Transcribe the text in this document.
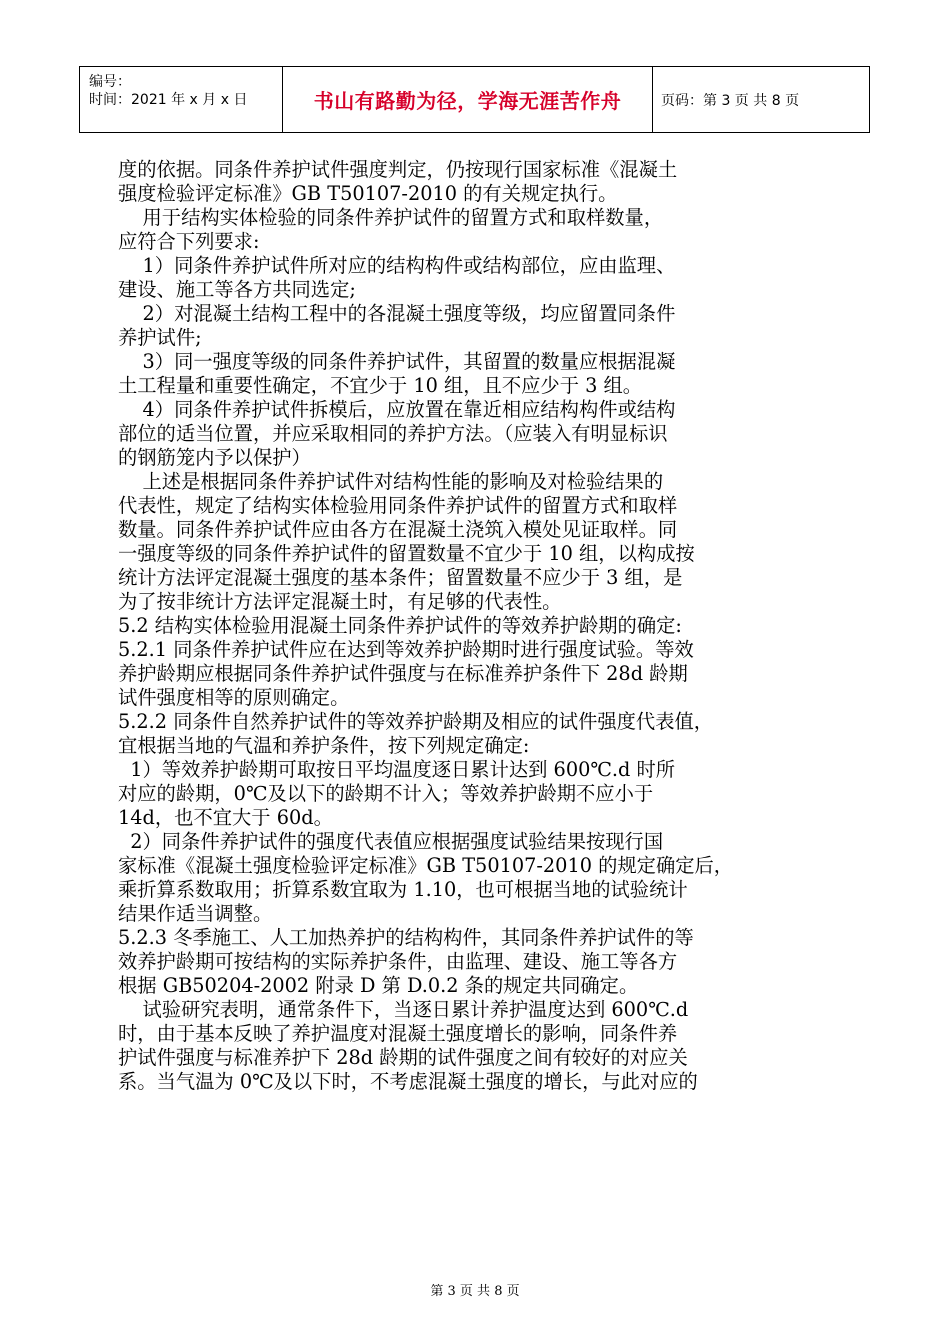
编号：
时间：2021 年 x 月 x 日	书山有路勤为径，学海无涯苦作舟	页码：第 3 页 共 8 页
度的依据。同条件养护试件强度判定，仍按现行国家标准《混凝土
强度检验评定标准》GB T50107-2010 的有关规定执行。
用于结构实体检验的同条件养护试件的留置方式和取样数量，
应符合下列要求:
1）同条件养护试件所对应的结构构件或结构部位，应由监理、
建设、施工等各方共同选定;
2）对混凝土结构工程中的各混凝土强度等级，均应留置同条件
养护试件;
3）同一强度等级的同条件养护试件，其留置的数量应根据混凝
土工程量和重要性确定，不宜少于 10 组，且不应少于 3 组。
4）同条件养护试件拆模后，应放置在靠近相应结构构件或结构
部位的适当位置，并应采取相同的养护方法。（应装入有明显标识
的钢筋笼内予以保护）
上述是根据同条件养护试件对结构性能的影响及对检验结果的
代表性，规定了结构实体检验用同条件养护试件的留置方式和取样
数量。同条件养护试件应由各方在混凝土浇筑入模处见证取样。同
一强度等级的同条件养护试件的留置数量不宜少于 10 组，以构成按
统计方法评定混凝土强度的基本条件；留置数量不应少于 3 组，是
为了按非统计方法评定混凝土时，有足够的代表性。
5.2 结构实体检验用混凝土同条件养护试件的等效养护龄期的确定:
5.2.1 同条件养护试件应在达到等效养护龄期时进行强度试验。等效
养护龄期应根据同条件养护试件强度与在标准养护条件下 28d 龄期
试件强度相等的原则确定。
5.2.2 同条件自然养护试件的等效养护龄期及相应的试件强度代表值，
宜根据当地的气温和养护条件，按下列规定确定:
1）等效养护龄期可取按日平均温度逐日累计达到 600℃.d 时所
对应的龄期，0℃及以下的龄期不计入；等效养护龄期不应小于
14d，也不宜大于 60d。
2）同条件养护试件的强度代表值应根据强度试验结果按现行国
家标准《混凝土强度检验评定标准》GB T50107-2010 的规定确定后，
乘折算系数取用；折算系数宜取为 1.10，也可根据当地的试验统计
结果作适当调整。
5.2.3 冬季施工、人工加热养护的结构构件，其同条件养护试件的等
效养护龄期可按结构的实际养护条件，由监理、建设、施工等各方
根据 GB50204-2002 附录 D 第 D.0.2 条的规定共同确定。
试验研究表明，通常条件下，当逐日累计养护温度达到 600℃.d
时，由于基本反映了养护温度对混凝土强度增长的影响，同条件养
护试件强度与标准养护下 28d 龄期的试件强度之间有较好的对应关
系。当气温为 0℃及以下时，不考虑混凝土强度的增长，与此对应的
第 3 页 共 8 页
